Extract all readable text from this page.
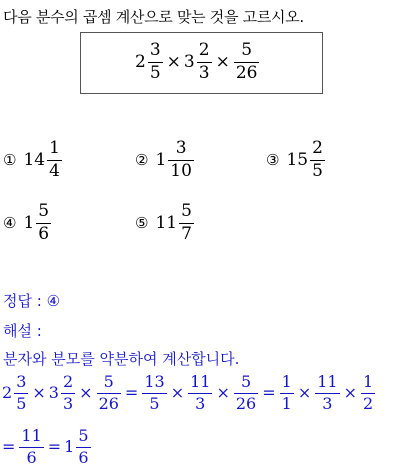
다음 분수의 곱셈 계산으로 맞는 것을 고르시오.
$2 \frac{3}{5} \times 3 \frac{2}{3} \times \frac{5}{26}$
① $14 \frac{1}{4}$	② $1 \frac{3}{10}$	③ $15 \frac{2}{5}$
④ $1 \frac{5}{6}$	⑤ $11 \frac{5}{7}$
정답 : ④
해설 :
분자와 분모를 약분하여 계산합니다.
$2 \frac{3}{5} \times 3 \frac{2}{3} \times \frac{5}{26} = \frac{13}{5} \times \frac{11}{3} \times \frac{5}{26} = \frac{1}{1} \times \frac{11}{3} \times \frac{1}{2}$
= $\frac{11}{6} = 1 \frac{5}{6}$
